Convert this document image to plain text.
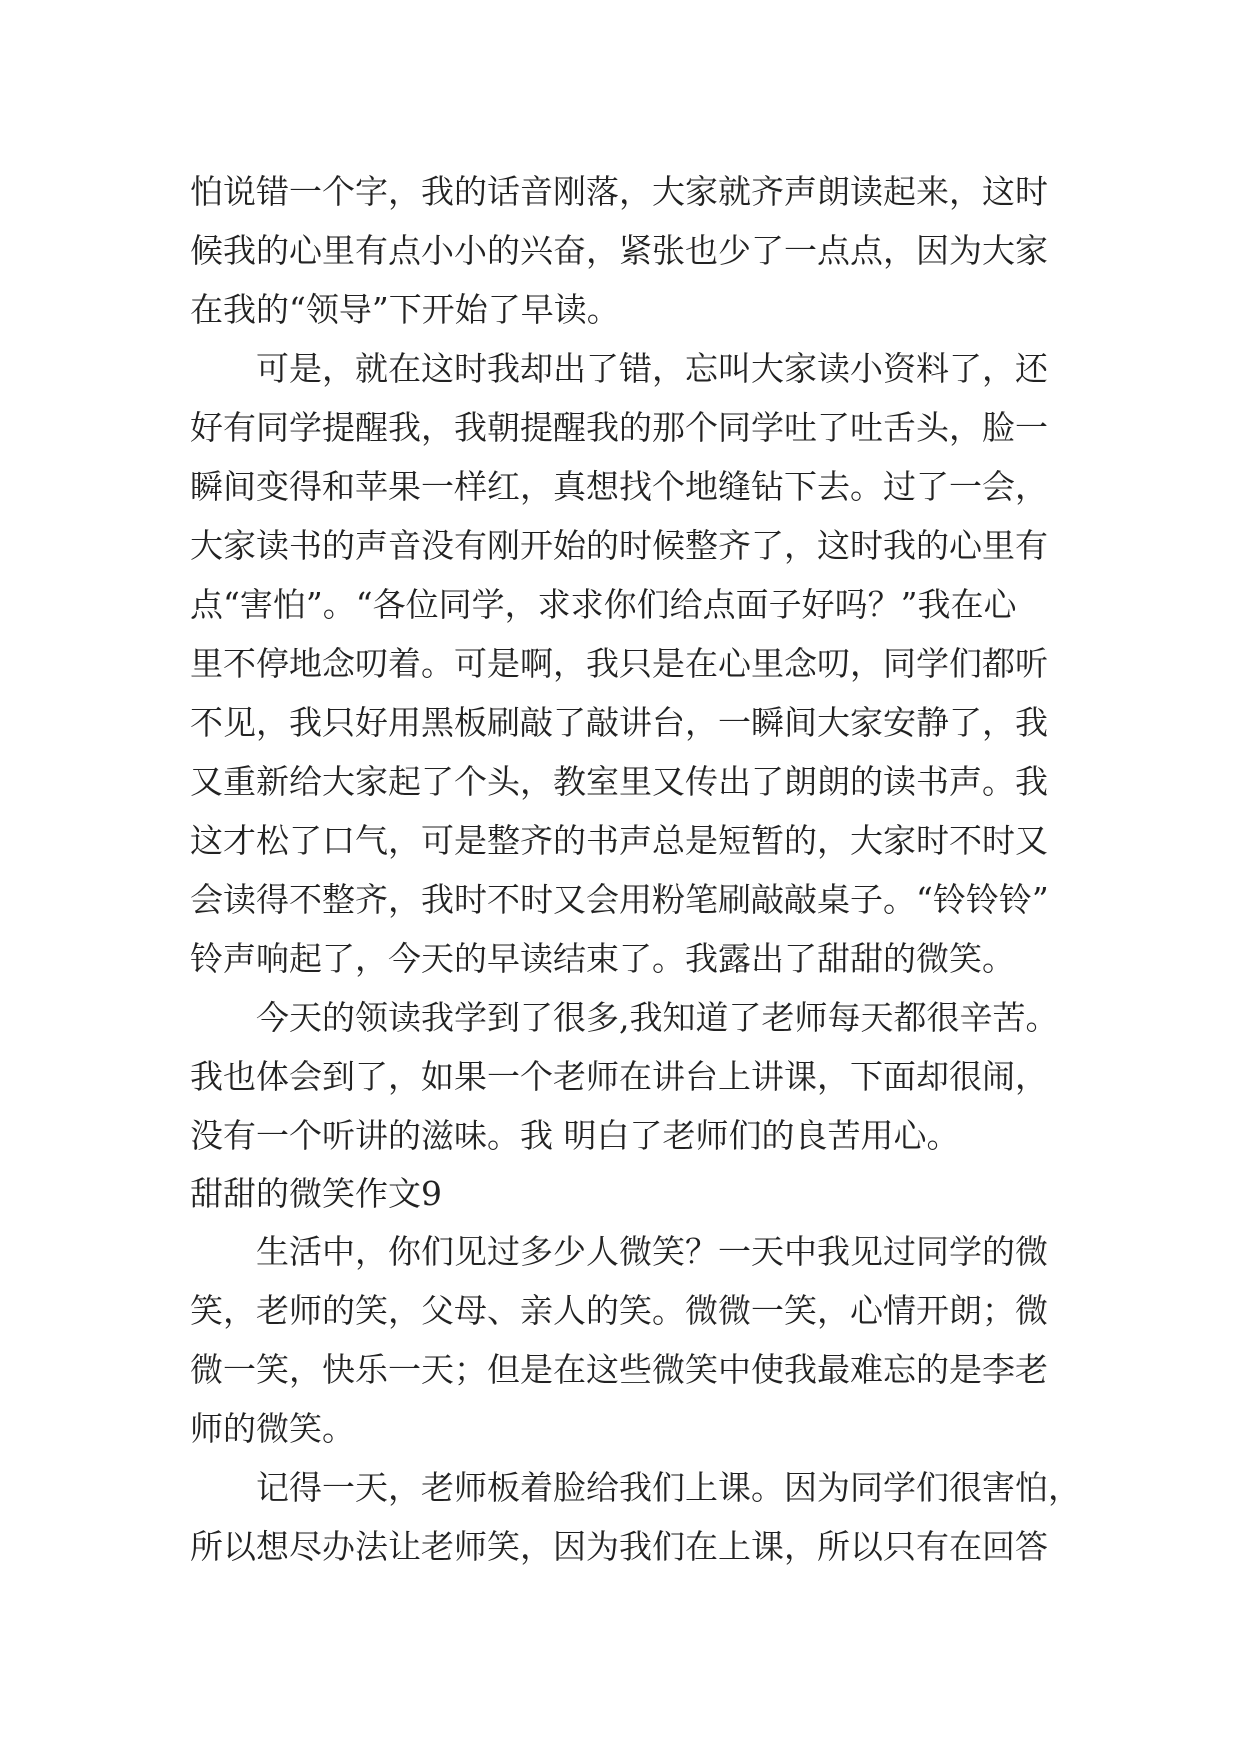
怕说错一个字，我的话音刚落，大家就齐声朗读起来，这时
候我的心里有点小小的兴奋，紧张也少了一点点，因为大家
在我的“领导”下开始了早读。
可是，就在这时我却出了错，忘叫大家读小资料了，还
好有同学提醒我，我朝提醒我的那个同学吐了吐舌头，脸一
瞬间变得和苹果一样红，真想找个地缝钻下去。过了一会，
大家读书的声音没有刚开始的时候整齐了，这时我的心里有
点“害怕”。“各位同学，求求你们给点面子好吗？”我在心
里不停地念叨着。可是啊，我只是在心里念叨，同学们都听
不见，我只好用黑板刷敲了敲讲台，一瞬间大家安静了，我
又重新给大家起了个头，教室里又传出了朗朗的读书声。我
这才松了口气，可是整齐的书声总是短暂的，大家时不时又
会读得不整齐，我时不时又会用粉笔刷敲敲桌子。“铃铃铃”
铃声响起了，今天的早读结束了。我露出了甜甜的微笑。
今天的领读我学到了很多,我知道了老师每天都很辛苦。
我也体会到了，如果一个老师在讲台上讲课，下面却很闹，
没有一个听讲的滋味。我 明白了老师们的良苦用心。
甜甜的微笑作文9
生活中，你们见过多少人微笑？一天中我见过同学的微
笑，老师的笑，父母、亲人的笑。微微一笑，心情开朗；微
微一笑，快乐一天；但是在这些微笑中使我最难忘的是李老
师的微笑。
记得一天，老师板着脸给我们上课。因为同学们很害怕，
所以想尽办法让老师笑，因为我们在上课，所以只有在回答
